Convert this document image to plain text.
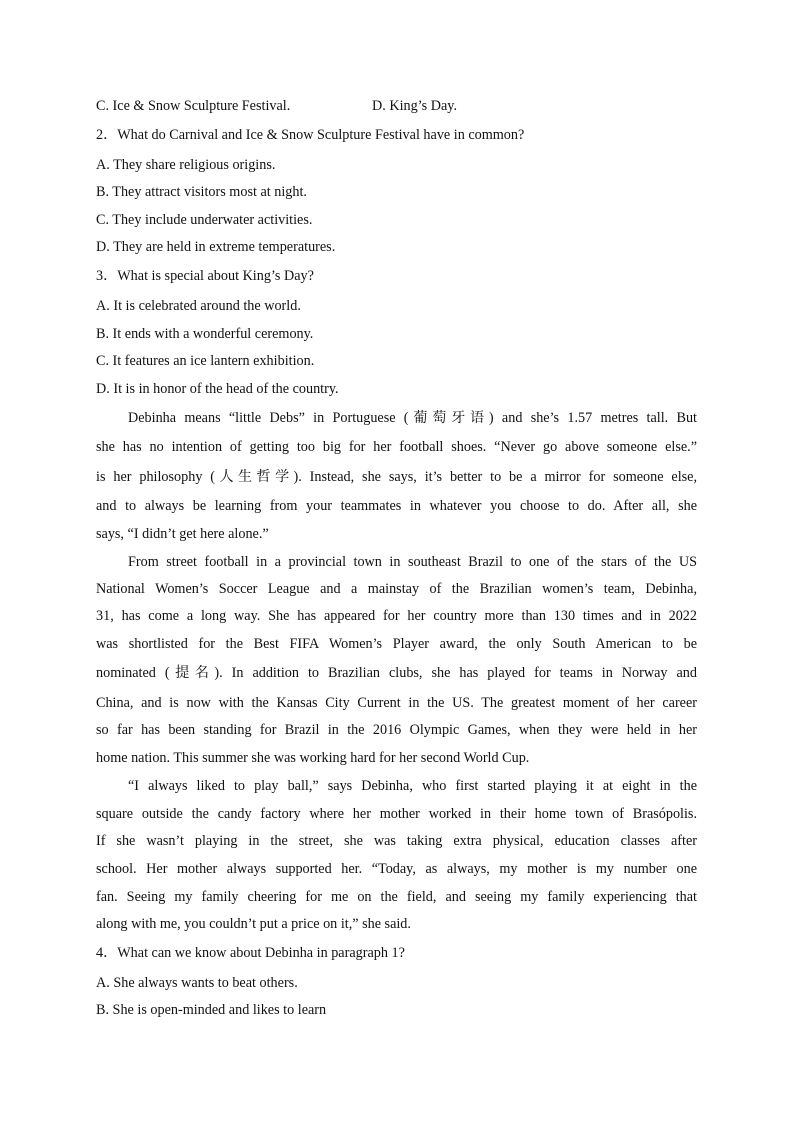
C. Ice & Snow Sculpture Festival.	D. King’s Day.
2．What do Carnival and Ice & Snow Sculpture Festival have in common?
A. They share religious origins.
B. They attract visitors most at night.
C. They include underwater activities.
D. They are held in extreme temperatures.
3．What is special about King’s Day?
A. It is celebrated around the world.
B. It ends with a wonderful ceremony.
C. It features an ice lantern exhibition.
D. It is in honor of the head of the country.
Debinha means “little Debs” in Portuguese (葡萄牙语) and she’s 1.57 metres tall. But
she has no intention of getting too big for her football shoes. “Never go above someone else.”
is her philosophy (人生哲学). Instead, she says, it’s better to be a mirror for someone else,
and to always be learning from your teammates in whatever you choose to do. After all, she
says, “I didn’t get here alone.”
From street football in a provincial town in southeast Brazil to one of the stars of the US
National Women’s Soccer League and a mainstay of the Brazilian women’s team, Debinha,
31, has come a long way. She has appeared for her country more than 130 times and in 2022
was shortlisted for the Best FIFA Women’s Player award, the only South American to be
nominated (提名). In addition to Brazilian clubs, she has played for teams in Norway and
China, and is now with the Kansas City Current in the US. The greatest moment of her career
so far has been standing for Brazil in the 2016 Olympic Games, when they were held in her
home nation. This summer she was working hard for her second World Cup.
“I always liked to play ball,” says Debinha, who first started playing it at eight in the
square outside the candy factory where her mother worked in their home town of Brasópolis.
If she wasn’t playing in the street, she was taking extra physical, education classes after
school. Her mother always supported her. “Today, as always, my mother is my number one
fan. Seeing my family cheering for me on the field, and seeing my family experiencing that
along with me, you couldn’t put a price on it,” she said.
4．What can we know about Debinha in paragraph 1?
A. She always wants to beat others.
B. She is open-minded and likes to learn
